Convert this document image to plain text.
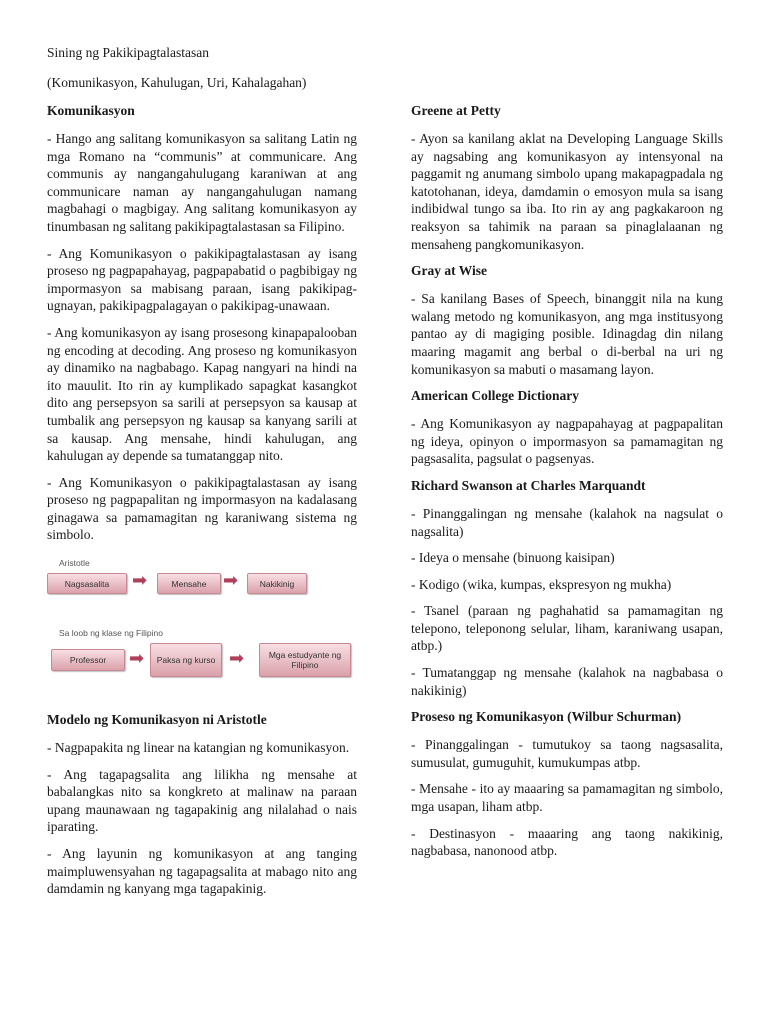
Sining ng Pakikipagtalastasan
(Komunikasyon, Kahulugan, Uri, Kahalagahan)
Komunikasyon

- Hango ang salitang komunikasyon sa salitang Latin ng mga Romano na “communis” at communicare. Ang communis ay nangangahulugang karaniwan at ang communicare naman ay nangangahulugan namang magbahagi o magbigay. Ang salitang komunikasyon ay tinumbasan ng salitang pakikipagtalastasan sa Filipino.

- Ang Komunikasyon o pakikipagtalastasan ay isang proseso ng pagpapahayag, pagpapabatid o pagbibigay ng impormasyon sa mabisang paraan, isang pakikipag-ugnayan, pakikipagpalagayan o pakikipag-unawaan.

- Ang komunikasyon ay isang prosesong kinapapalooban ng encoding at decoding. Ang proseso ng komunikasyon ay dinamiko na nagbabago. Kapag nangyari na hindi na ito mauulit. Ito rin ay kumplikado sapagkat kasangkot dito ang persepsyon sa sarili at persepsyon sa kausap at tumbalik ang persepsyon ng kausap sa kanyang sarili at sa kausap. Ang mensahe, hindi kahulugan, ang kahulugan ay depende sa tumatanggap nito.

- Ang Komunikasyon o pakikipagtalastasan ay isang proseso ng pagpapalitan ng impormasyon na kadalasang ginagawa sa pamamagitan ng karaniwang sistema ng simbolo.

Aristotle
Nagsasalita	➡	Mensahe ➡	Nakikinig
Sa loob ng klase ng Filipino
Professor	➡	Paksa ng kurso ➡	Mga estudyante ng Filipino
Modelo ng Komunikasyon ni Aristotle

- Nagpapakita ng linear na katangian ng komunikasyon.

- Ang tagapagsalita ang lilikha ng mensahe at babalangkas nito sa kongkreto at malinaw na paraan upang maunawaan ng tagapakinig ang nilalahad o nais iparating.

- Ang layunin ng komunikasyon at ang tanging maimpluwensyahan ng tagapagsalita at mabago nito ang damdamin ng kanyang mga tagapakinig.

Greene at Petty

- Ayon sa kanilang aklat na Developing Language Skills ay nagsabing ang komunikasyon ay intensyonal na paggamit ng anumang simbolo upang makapagpadala ng katotohanan, ideya, damdamin o emosyon mula sa isang indibidwal tungo sa iba. Ito rin ay ang pagkakaroon ng reaksyon sa tahimik na paraan sa pinaglalaanan ng mensaheng pangkomunikasyon.

Gray at Wise

- Sa kanilang Bases of Speech, binanggit nila na kung walang metodo ng komunikasyon, ang mga institusyong pantao ay di magiging posible. Idinagdag din nilang maaring magamit ang berbal o di-berbal na uri ng komunikasyon sa mabuti o masamang layon.

American College Dictionary

- Ang Komunikasyon ay nagpapahayag at pagpapalitan ng ideya, opinyon o impormasyon sa pamamagitan ng pagsasalita, pagsulat o pagsenyas.

Richard Swanson at Charles Marquandt

- Pinanggalingan ng mensahe (kalahok na nagsulat o nagsalita)

- Ideya o mensahe (binuong kaisipan)

- Kodigo (wika, kumpas, ekspresyon ng mukha)

- Tsanel (paraan ng paghahatid sa pamamagitan ng telepono, teleponong selular, liham, karaniwang usapan, atbp.)

- Tumatanggap ng mensahe (kalahok na nagbabasa o nakikinig)

Proseso ng Komunikasyon (Wilbur Schurman)

- Pinanggalingan - tumutukoy sa taong nagsasalita, sumusulat, gumuguhit, kumukumpas atbp.

- Mensahe - ito ay maaaring sa pamamagitan ng simbolo, mga usapan, liham atbp.

- Destinasyon - maaaring ang taong nakikinig, nagbabasa, nanonood atbp.
